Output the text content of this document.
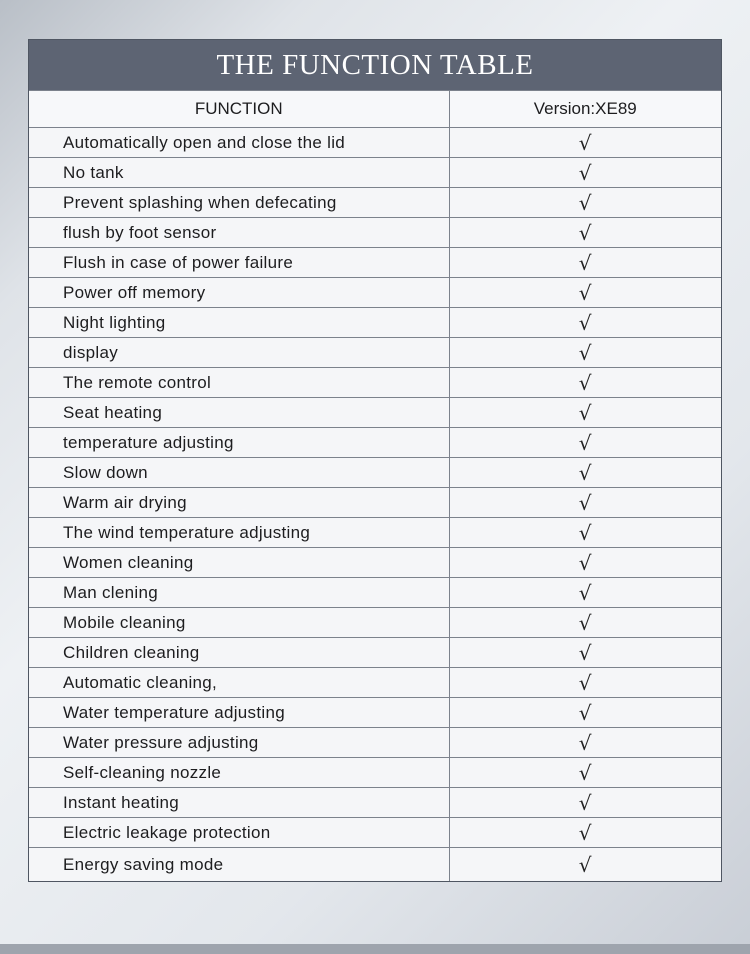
THE FUNCTION TABLE
FUNCTION	Version:XE89
Automatically open and close the lid	√
No tank	√
Prevent splashing when defecating	√
flush by foot sensor	√
Flush in case of power failure	√
Power off memory	√
Night lighting	√
display	√
The remote control	√
Seat heating	√
temperature adjusting	√
Slow down	√
Warm air drying	√
The wind temperature adjusting	√
Women cleaning	√
Man clening	√
Mobile cleaning	√
Children cleaning	√
Automatic cleaning,	√
Water temperature adjusting	√
Water pressure adjusting	√
Self-cleaning nozzle	√
Instant heating	√
Electric leakage protection	√
Energy saving mode	√
